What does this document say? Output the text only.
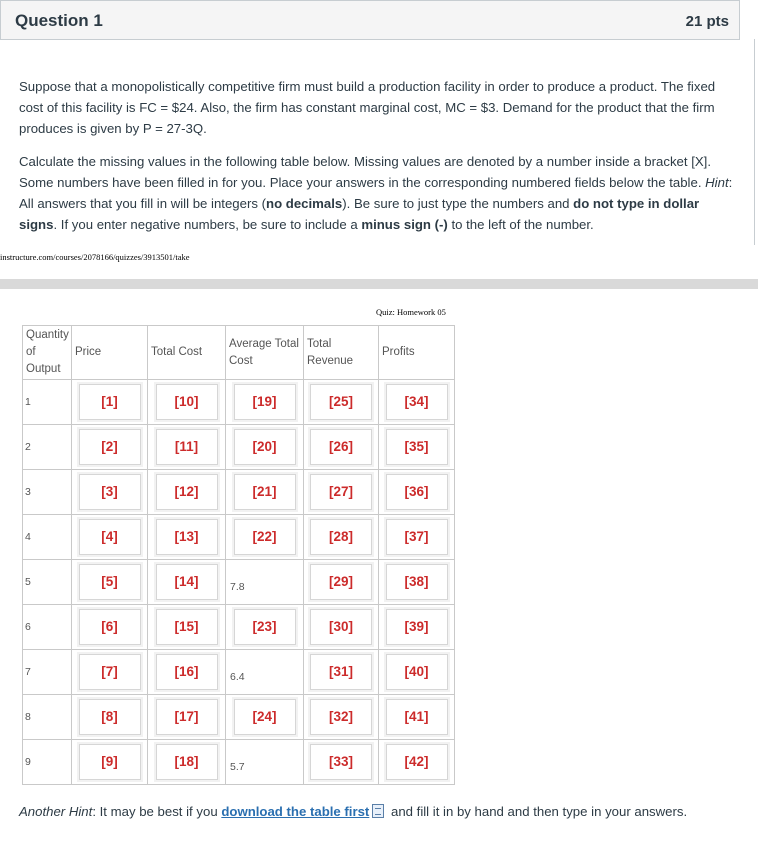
Question 1	21 pts

Suppose that a monopolistically competitive firm must build a production facility in order to produce a product. The fixed cost of this facility is FC = $24. Also, the firm has constant marginal cost, MC = $3. Demand for the product that the firm produces is given by P = 27-3Q.

Calculate the missing values in the following table below. Missing values are denoted by a number inside a bracket [X]. Some numbers have been filled in for you. Place your answers in the corresponding numbered fields below the table. Hint: All answers that you fill in will be integers (no decimals). Be sure to just type the numbers and do not type in dollar signs. If you enter negative numbers, be sure to include a minus sign (-) to the left of the number.

instructure.com/courses/2078166/quizzes/3913501/take
Quiz: Homework 05
Quantity of Output	Price	Total Cost	Average Total Cost	Total Revenue	Profits
1	[1]	[10]	[19]	[25]	[34]

2	[2]	[11]	[20]	[26]	[35]

3	[3]	[12]	[21]	[27]	[36]

4	[4]	[13]	[22]	[28]	[37]

5	[5]	[14]	7.8	[29]	[38]

6	[6]	[15]	[23]	[30]	[39]

7	[7]	[16]	6.4	[31]	[40]

8	[8]	[17]	[24]	[32]	[41]

9	[9]	[18]	5.7	[33]	[42]
Another Hint: It may be best if you download the table first and fill it in by hand and then type in your answers.
